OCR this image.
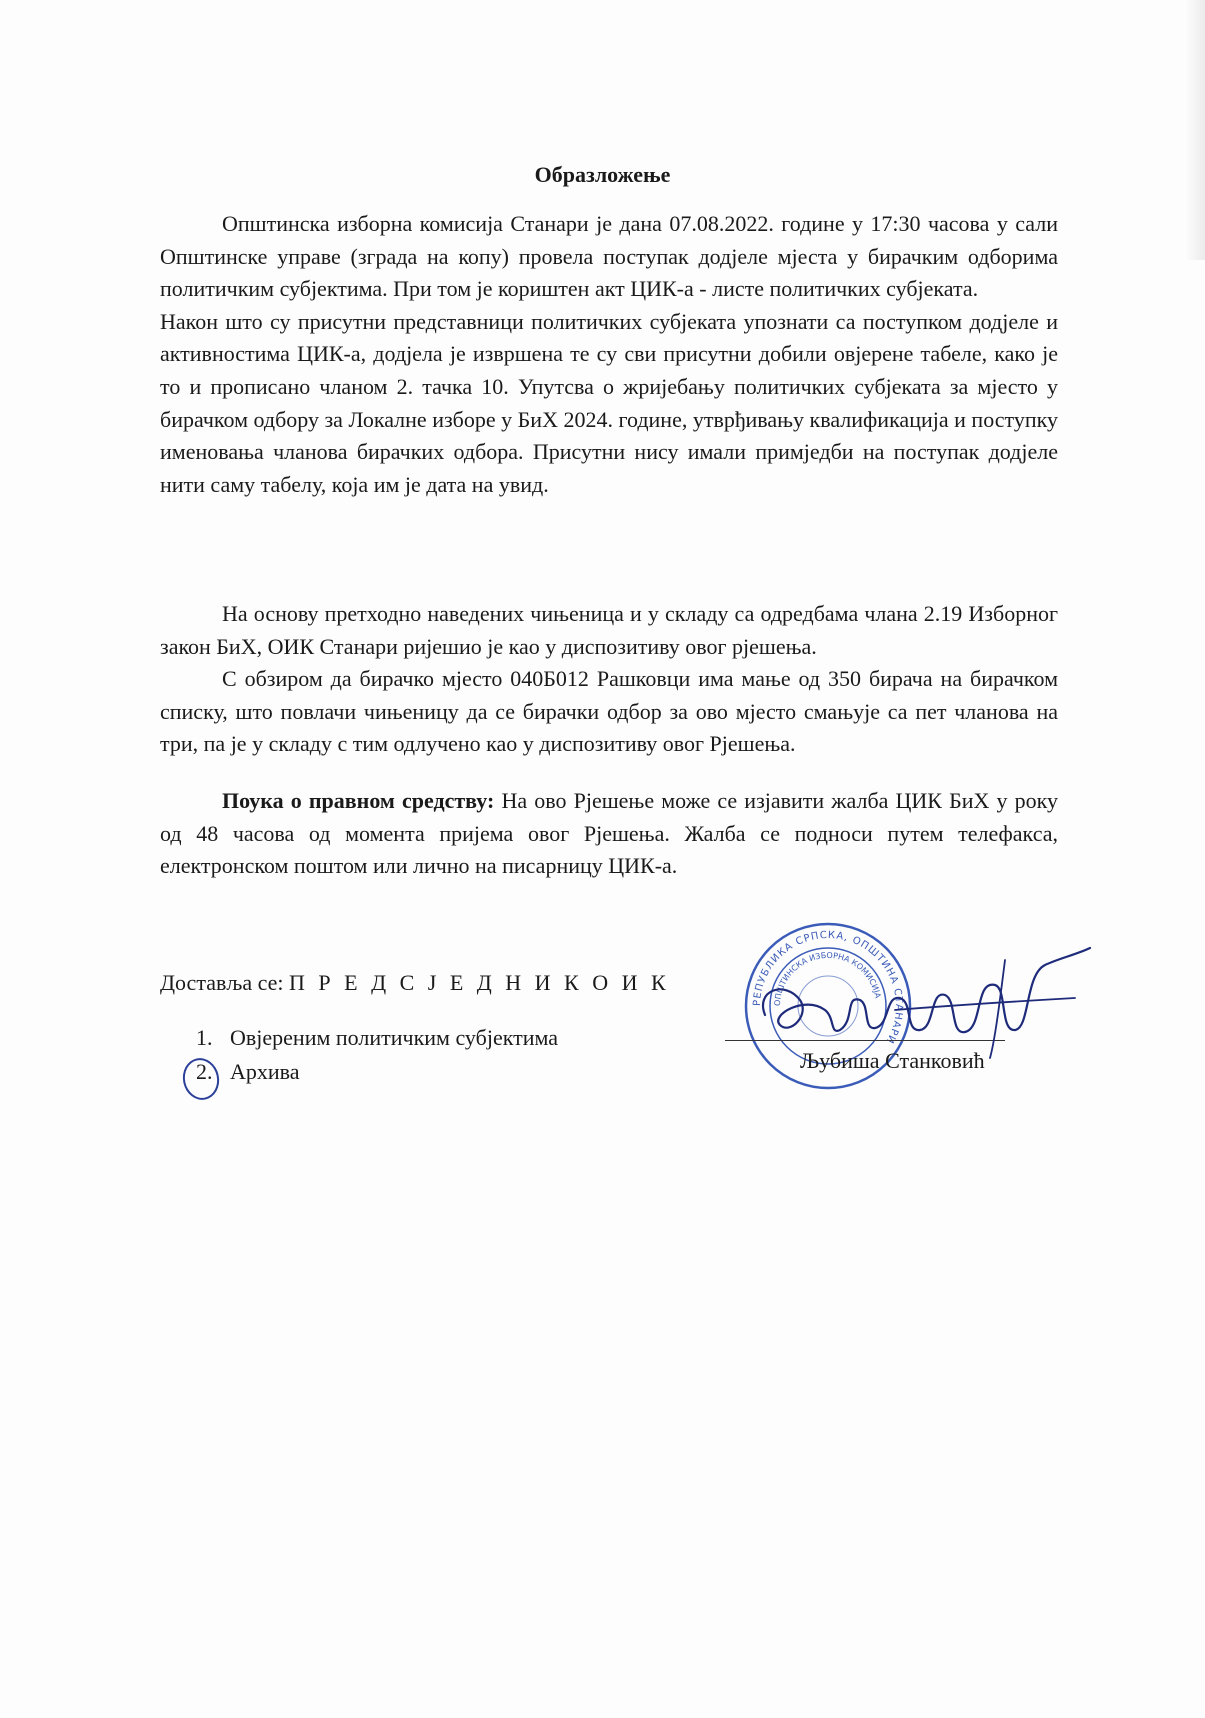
Образложење

Општинска изборна комисија Станари је дана 07.08.2022. године у 17:30 часова у сали Општинске управе (зграда на копу) провела поступак додјеле мјеста у бирачким одборима политичким субјектима. При том је кориштен акт ЦИК-а - листе политичких субјеката.

Након што су присутни представници политичких субјеката упознати са поступком додјеле и активностима ЦИК-а, додјела је извршена те су сви присутни добили овјерене табеле, како је то и прописано чланом 2. тачка 10. Упутсва о жријебању политичких субјеката за мјесто у бирачком одбору за Локалне изборе у БиХ 2024. године, утврђивању квалификација и поступку именовања чланова бирачких одбора. Присутни нису имали примједби на поступак додјеле нити саму табелу, која им је дата на увид.

На основу претходно наведених чињеница и у складу са одредбама члана 2.19 Изборног закон БиХ, ОИК Станари ријешио је као у диспозитиву овог рјешења.

С обзиром да бирачко мјесто 040Б012 Рашковци има мање од 350 бирача на бирачком списку, што повлачи чињеницу да се бирачки одбор за ово мјесто смањује са пет чланова на три, па је у складу с тим одлучено као у диспозитиву овог Рјешења.

Поука о правном средству: На ово Рјешење може се изјавити жалба ЦИК БиХ у року од 48 часова од момента пријема овог Рјешења. Жалба се подноси путем телефакса, електронском поштом или лично на писарницу ЦИК-а.

Доставља се: П Р Е Д С Ј Е Д Н И К О И К
1. Овјереним политичким субјектима
2. Архива
РЕПУБЛИКА СРПСКА, ОПШТИНА СТАНАРИ
ОПШТИНСКА ИЗБОРНА КОМИСИЈА
Љубиша Станковић
